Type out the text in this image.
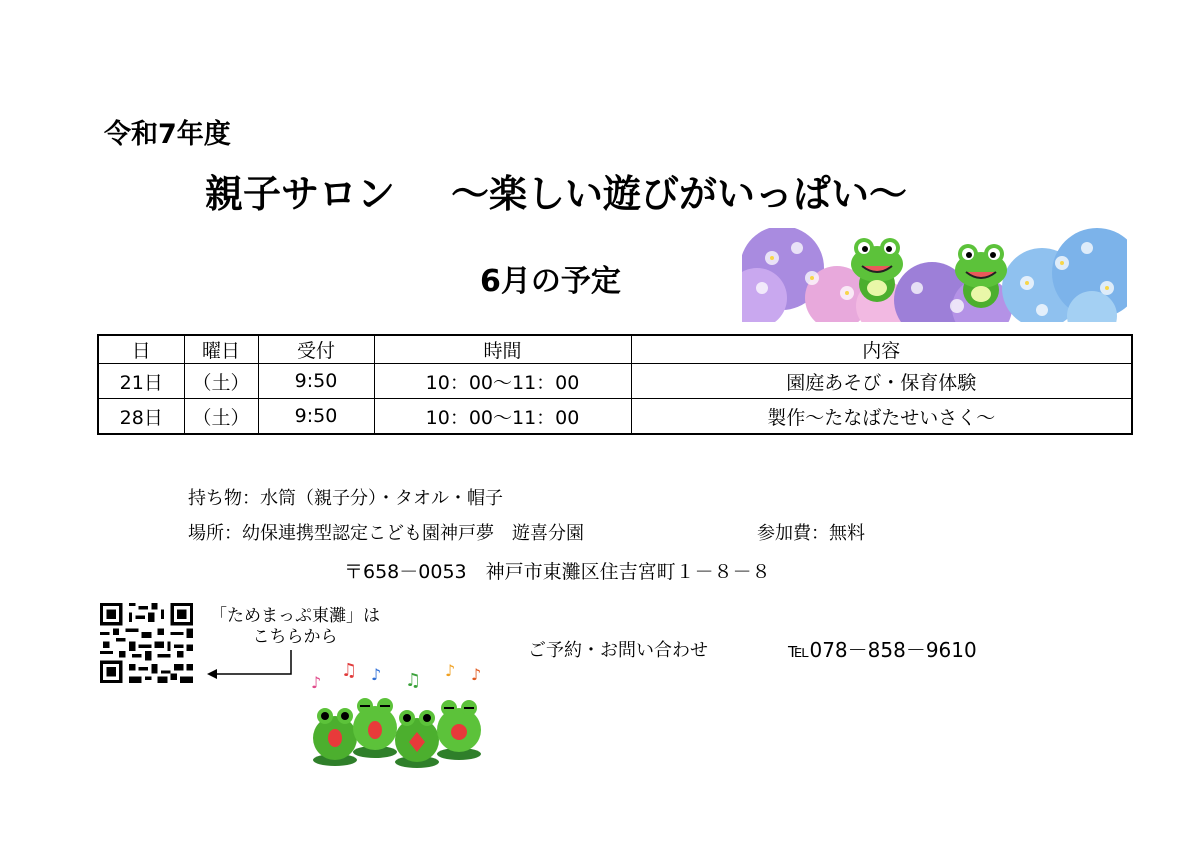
令和7年度
親子サロン ～楽しい遊びがいっぱい～
6月の予定
日	曜日	受付	時間	内容
21日	（土）	9:50	10：00～11：00	園庭あそび・保育体験
28日	（土）	9:50	10：00～11：00	製作～たなばたせいさく～
持ち物：水筒（親子分）・タオル・帽子
場所：幼保連携型認定こども園神戸夢　遊喜分園	参加費：無料
〒658－0053　神戸市東灘区住吉宮町１－８－８
「ためまっぷ東灘」は
こちらから
ご予約・お問い合わせ	℡078－858－9610
♪
♫ ♪ ♫ ♪ ♪
